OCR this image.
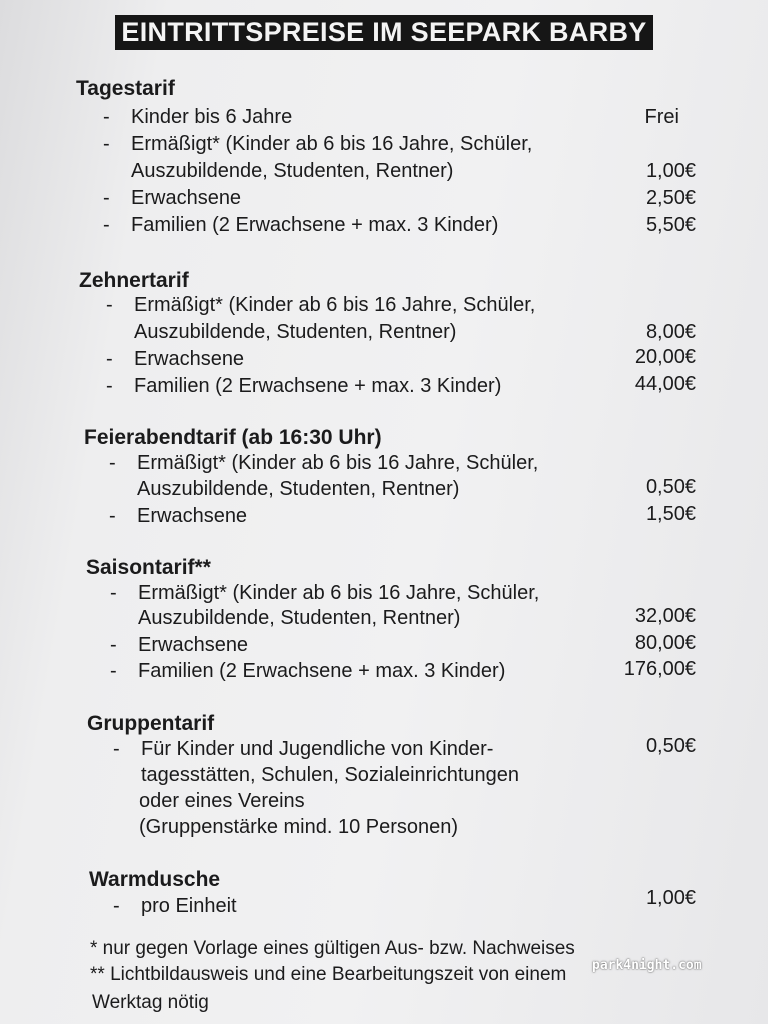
EINTRITTSPREISE IM SEEPARK BARBY
Tagestarif
- Kinder bis 6 Jahre	Frei
- Ermäßigt* (Kinder ab 6 bis 16 Jahre, Schüler,
Auszubildende, Studenten, Rentner)	1,00€
- Erwachsene	2,50€
- Familien (2 Erwachsene + max. 3 Kinder)	5,50€
Zehnertarif
- Ermäßigt* (Kinder ab 6 bis 16 Jahre, Schüler,
Auszubildende, Studenten, Rentner)	8,00€
- Erwachsene	20,00€
- Familien (2 Erwachsene + max. 3 Kinder)	44,00€
Feierabendtarif (ab 16:30 Uhr)
- Ermäßigt* (Kinder ab 6 bis 16 Jahre, Schüler,
Auszubildende, Studenten, Rentner)	0,50€
- Erwachsene	1,50€
Saisontarif**
- Ermäßigt* (Kinder ab 6 bis 16 Jahre, Schüler,
Auszubildende, Studenten, Rentner)	32,00€
- Erwachsene	80,00€
- Familien (2 Erwachsene + max. 3 Kinder)	176,00€
Gruppentarif
- Für Kinder und Jugendliche von Kinder-	0,50€
tagesstätten, Schulen, Sozialeinrichtungen
oder eines Vereins
(Gruppenstärke mind. 10 Personen)
Warmdusche
- pro Einheit	1,00€
* nur gegen Vorlage eines gültigen Aus- bzw. Nachweises
** Lichtbildausweis und eine Bearbeitungszeit von einem
Werktag nötig
park4night.com
